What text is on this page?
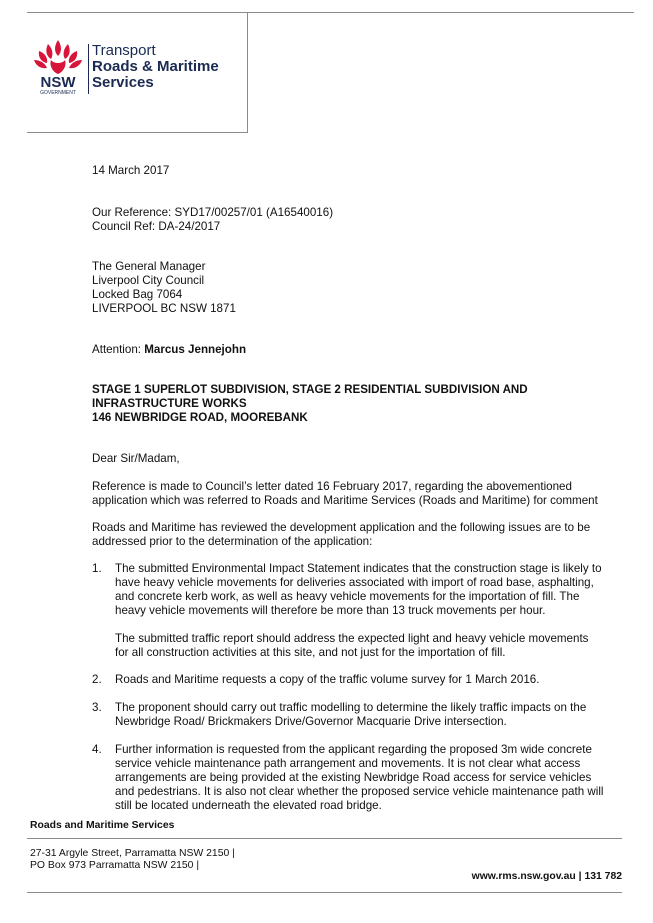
NSW
GOVERNMENT
Transport
Roads & Maritime
Services
14 March 2017
Our Reference: SYD17/00257/01 (A16540016)
Council Ref: DA-24/2017
The General Manager
Liverpool City Council
Locked Bag 7064
LIVERPOOL BC NSW 1871
Attention: Marcus Jennejohn
STAGE 1 SUPERLOT SUBDIVISION, STAGE 2 RESIDENTIAL SUBDIVISION AND
INFRASTRUCTURE WORKS
146 NEWBRIDGE ROAD, MOOREBANK
Dear Sir/Madam,
Reference is made to Council’s letter dated 16 February 2017, regarding the abovementioned
application which was referred to Roads and Maritime Services (Roads and Maritime) for comment
Roads and Maritime has reviewed the development application and the following issues are to be
addressed prior to the determination of the application:
1. The submitted Environmental Impact Statement indicates that the construction stage is likely to
have heavy vehicle movements for deliveries associated with import of road base, asphalting,
and concrete kerb work, as well as heavy vehicle movements for the importation of fill. The
heavy vehicle movements will therefore be more than 13 truck movements per hour.
The submitted traffic report should address the expected light and heavy vehicle movements
for all construction activities at this site, and not just for the importation of fill.
2. Roads and Maritime requests a copy of the traffic volume survey for 1 March 2016.
3. The proponent should carry out traffic modelling to determine the likely traffic impacts on the
Newbridge Road/ Brickmakers Drive/Governor Macquarie Drive intersection.
4. Further information is requested from the applicant regarding the proposed 3m wide concrete
service vehicle maintenance path arrangement and movements. It is not clear what access
arrangements are being provided at the existing Newbridge Road access for service vehicles
and pedestrians. It is also not clear whether the proposed service vehicle maintenance path will
still be located underneath the elevated road bridge.
Roads and Maritime Services
27-31 Argyle Street, Parramatta NSW 2150 |
PO Box 973 Parramatta NSW 2150 |
www.rms.nsw.gov.au | 131 782
